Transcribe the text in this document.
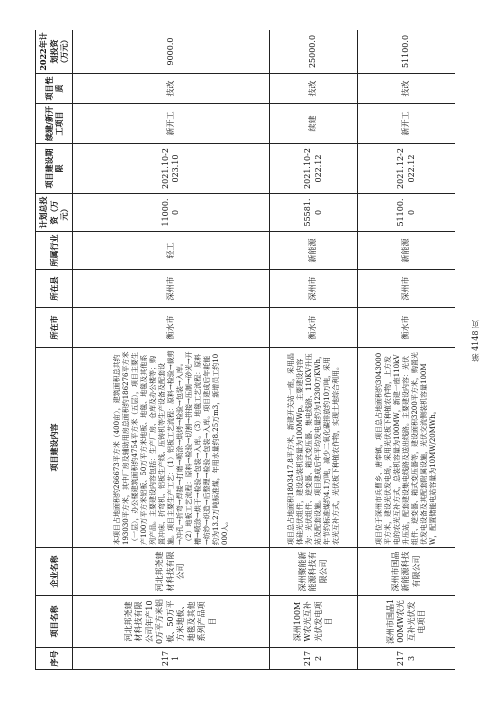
序号	项目名称	企业名称	项目建设内容	所在市	所在县	所属行业	计划总投资（万元）	项目建设期限	续建/新开工项目	项目性质	2022年计划投资（万元）
2171	河北邦尧建材科技有限公司年产100万平方米铝板、50万平方米地板、地毯及其他系列产品项目	河北邦尧建材科技有限公司	本项目占地面积约266673平方米（400亩），建筑面积总共约193030平方米，其中厂房及辅助用房总面积约186276平方米（一层），办公楼建筑面积约4754平方米（五层），项目主要生产100万平方米铝板、50万平方米地板、地毯、地毯及其他系列产品。主要建设内容包括：生产厂房、仓库及办公楼等；购置冲床、折弯机、铝板生产线、压铸机等生产设备及配套设施。项目主要生产工艺：（1）铝板工艺流程：原料→检验→裁剪→冲孔→折弯→焊接→打磨→喷涂→烘烤→检验→包装→入库。（2）地板工艺流程：原料→检验→切割→拼接→压制→砂光→开槽→喷涂→烘干→检验→包装→入库。（3）地毯工艺流程：原料→纺纱→织造→后整理→检验→包装→入库。项目建成后年耗能约为13.2万吨标准煤，年用水量约8.25万m3，新增员工约10000人。	衡水市	深州市	轻工	11000.0	2021.10-2023.10	新开工	技改	9000.0
2172	深州100MW农光互补光伏发电项目	深州聚能新能源科技有限公司	项目总占地面积1803417.8平方米，新建开关站一座，采用晶体硅光伏组件，建设总装机容量为100MWp。主要建设内容为：光伏组件、逆变器、箱式变压器、集电线路、110KV升压站及配套设施。项目建成后年平均发电量约为12300万KWh，年节约标准煤约4.1万吨，减少二氧化碳排放约10万吨，采用农光互补方式，光伏板下种植农作物，实现土地综合利用。	衡水市	深州市	新能源	55581.0	2021.10-2022.12	续建	技改	25000.0
2173	深州市国晶100MW农光互补光伏发电项目	深州市国晶新能源科技有限公司	项目位于深州市兵曹乡、唐奉镇，项目总占地面积约3043000平方米，建设光伏发电场，采用光伏板下种植农作物，上方发电的农光互补方式，总装机容量为100MW，新建一座110kV升压站，配套建设集电线路及送出线路。主要建设内容：光伏组件、逆变器、箱式变压器等，建设面积3200平方米，购置光伏发电设备及其配套附属设施，光伏交流侧装机容量100MW，配置储能电站容量为10MW/20MWh。	衡水市	深州市	新能源	51100.0	2021.12-2022.12	新开工	技改	51100.0
第 4148 页
